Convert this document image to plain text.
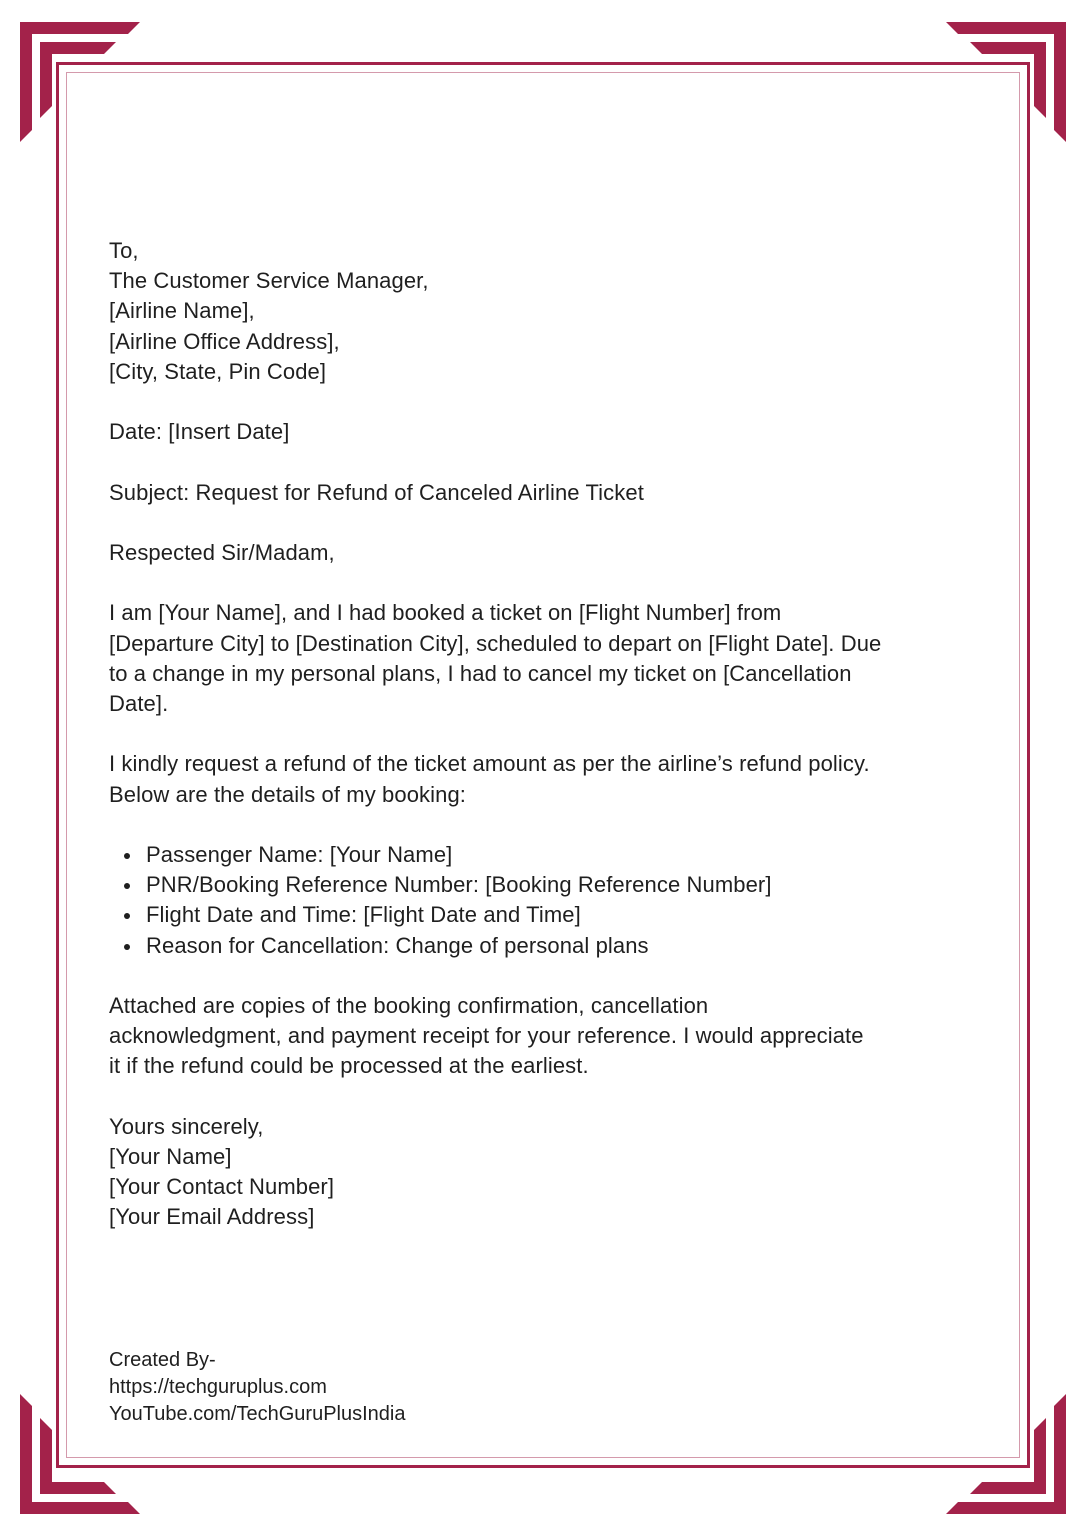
To,
The Customer Service Manager,
[Airline Name],
[Airline Office Address],
[City, State, Pin Code]
Date: [Insert Date]
Subject: Request for Refund of Canceled Airline Ticket
Respected Sir/Madam,

I am [Your Name], and I had booked a ticket on [Flight Number] from
[Departure City] to [Destination City], scheduled to depart on [Flight Date]. Due
to a change in my personal plans, I had to cancel my ticket on [Cancellation
Date].

I kindly request a refund of the ticket amount as per the airline’s refund policy.
Below are the details of my booking:

Passenger Name: [Your Name]
PNR/Booking Reference Number: [Booking Reference Number]
Flight Date and Time: [Flight Date and Time]
Reason for Cancellation: Change of personal plans

Attached are copies of the booking confirmation, cancellation
acknowledgment, and payment receipt for your reference. I would appreciate
it if the refund could be processed at the earliest.

Yours sincerely,
[Your Name]
[Your Contact Number]
[Your Email Address]
Created By-
https://techguruplus.com
YouTube.com/TechGuruPlusIndia
